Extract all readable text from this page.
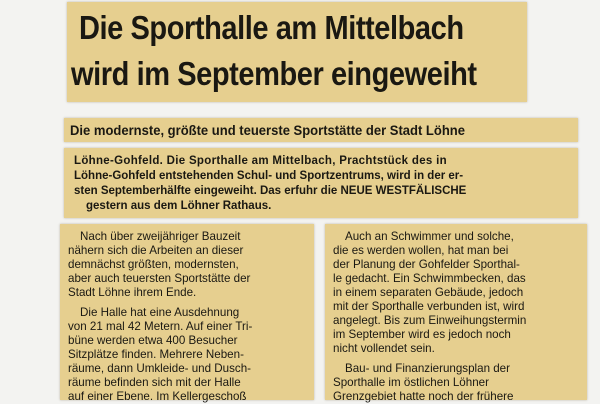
Die Sporthalle am Mittelbach
wird im September eingeweiht
Die modernste, größte und teuerste Sportstätte der Stadt Löhne

Löhne-Gohfeld. Die Sporthalle am Mittelbach, Prachtstück des in
Löhne-Gohfeld entstehenden Schul- und Sportzentrums, wird in der er-
sten Septemberhälfte eingeweiht. Das erfuhr die NEUE WESTFÄLISCHE
gestern aus dem Löhner Rathaus.

Nach über zweijähriger Bauzeit
nähern sich die Arbeiten an dieser
demnächst größten, modernsten,
aber auch teuersten Sportstätte der
Stadt Löhne ihrem Ende.
Die Halle hat eine Ausdehnung
von 21 mal 42 Metern. Auf einer Tri-
büne werden etwa 400 Besucher
Sitzplätze finden. Mehrere Neben-
räume, dann Umkleide- und Dusch-
räume befinden sich mit der Halle
auf einer Ebene. Im Kellergeschoß

Auch an Schwimmer und solche,
die es werden wollen, hat man bei
der Planung der Gohfelder Sporthal-
le gedacht. Ein Schwimmbecken, das
in einem separaten Gebäude, jedoch
mit der Sporthalle verbunden ist, wird
angelegt. Bis zum Einweihungstermin
im September wird es jedoch noch
nicht vollendet sein.
Bau- und Finanzierungsplan der
Sporthalle im östlichen Löhner
Grenzgebiet hatte noch der frühere
